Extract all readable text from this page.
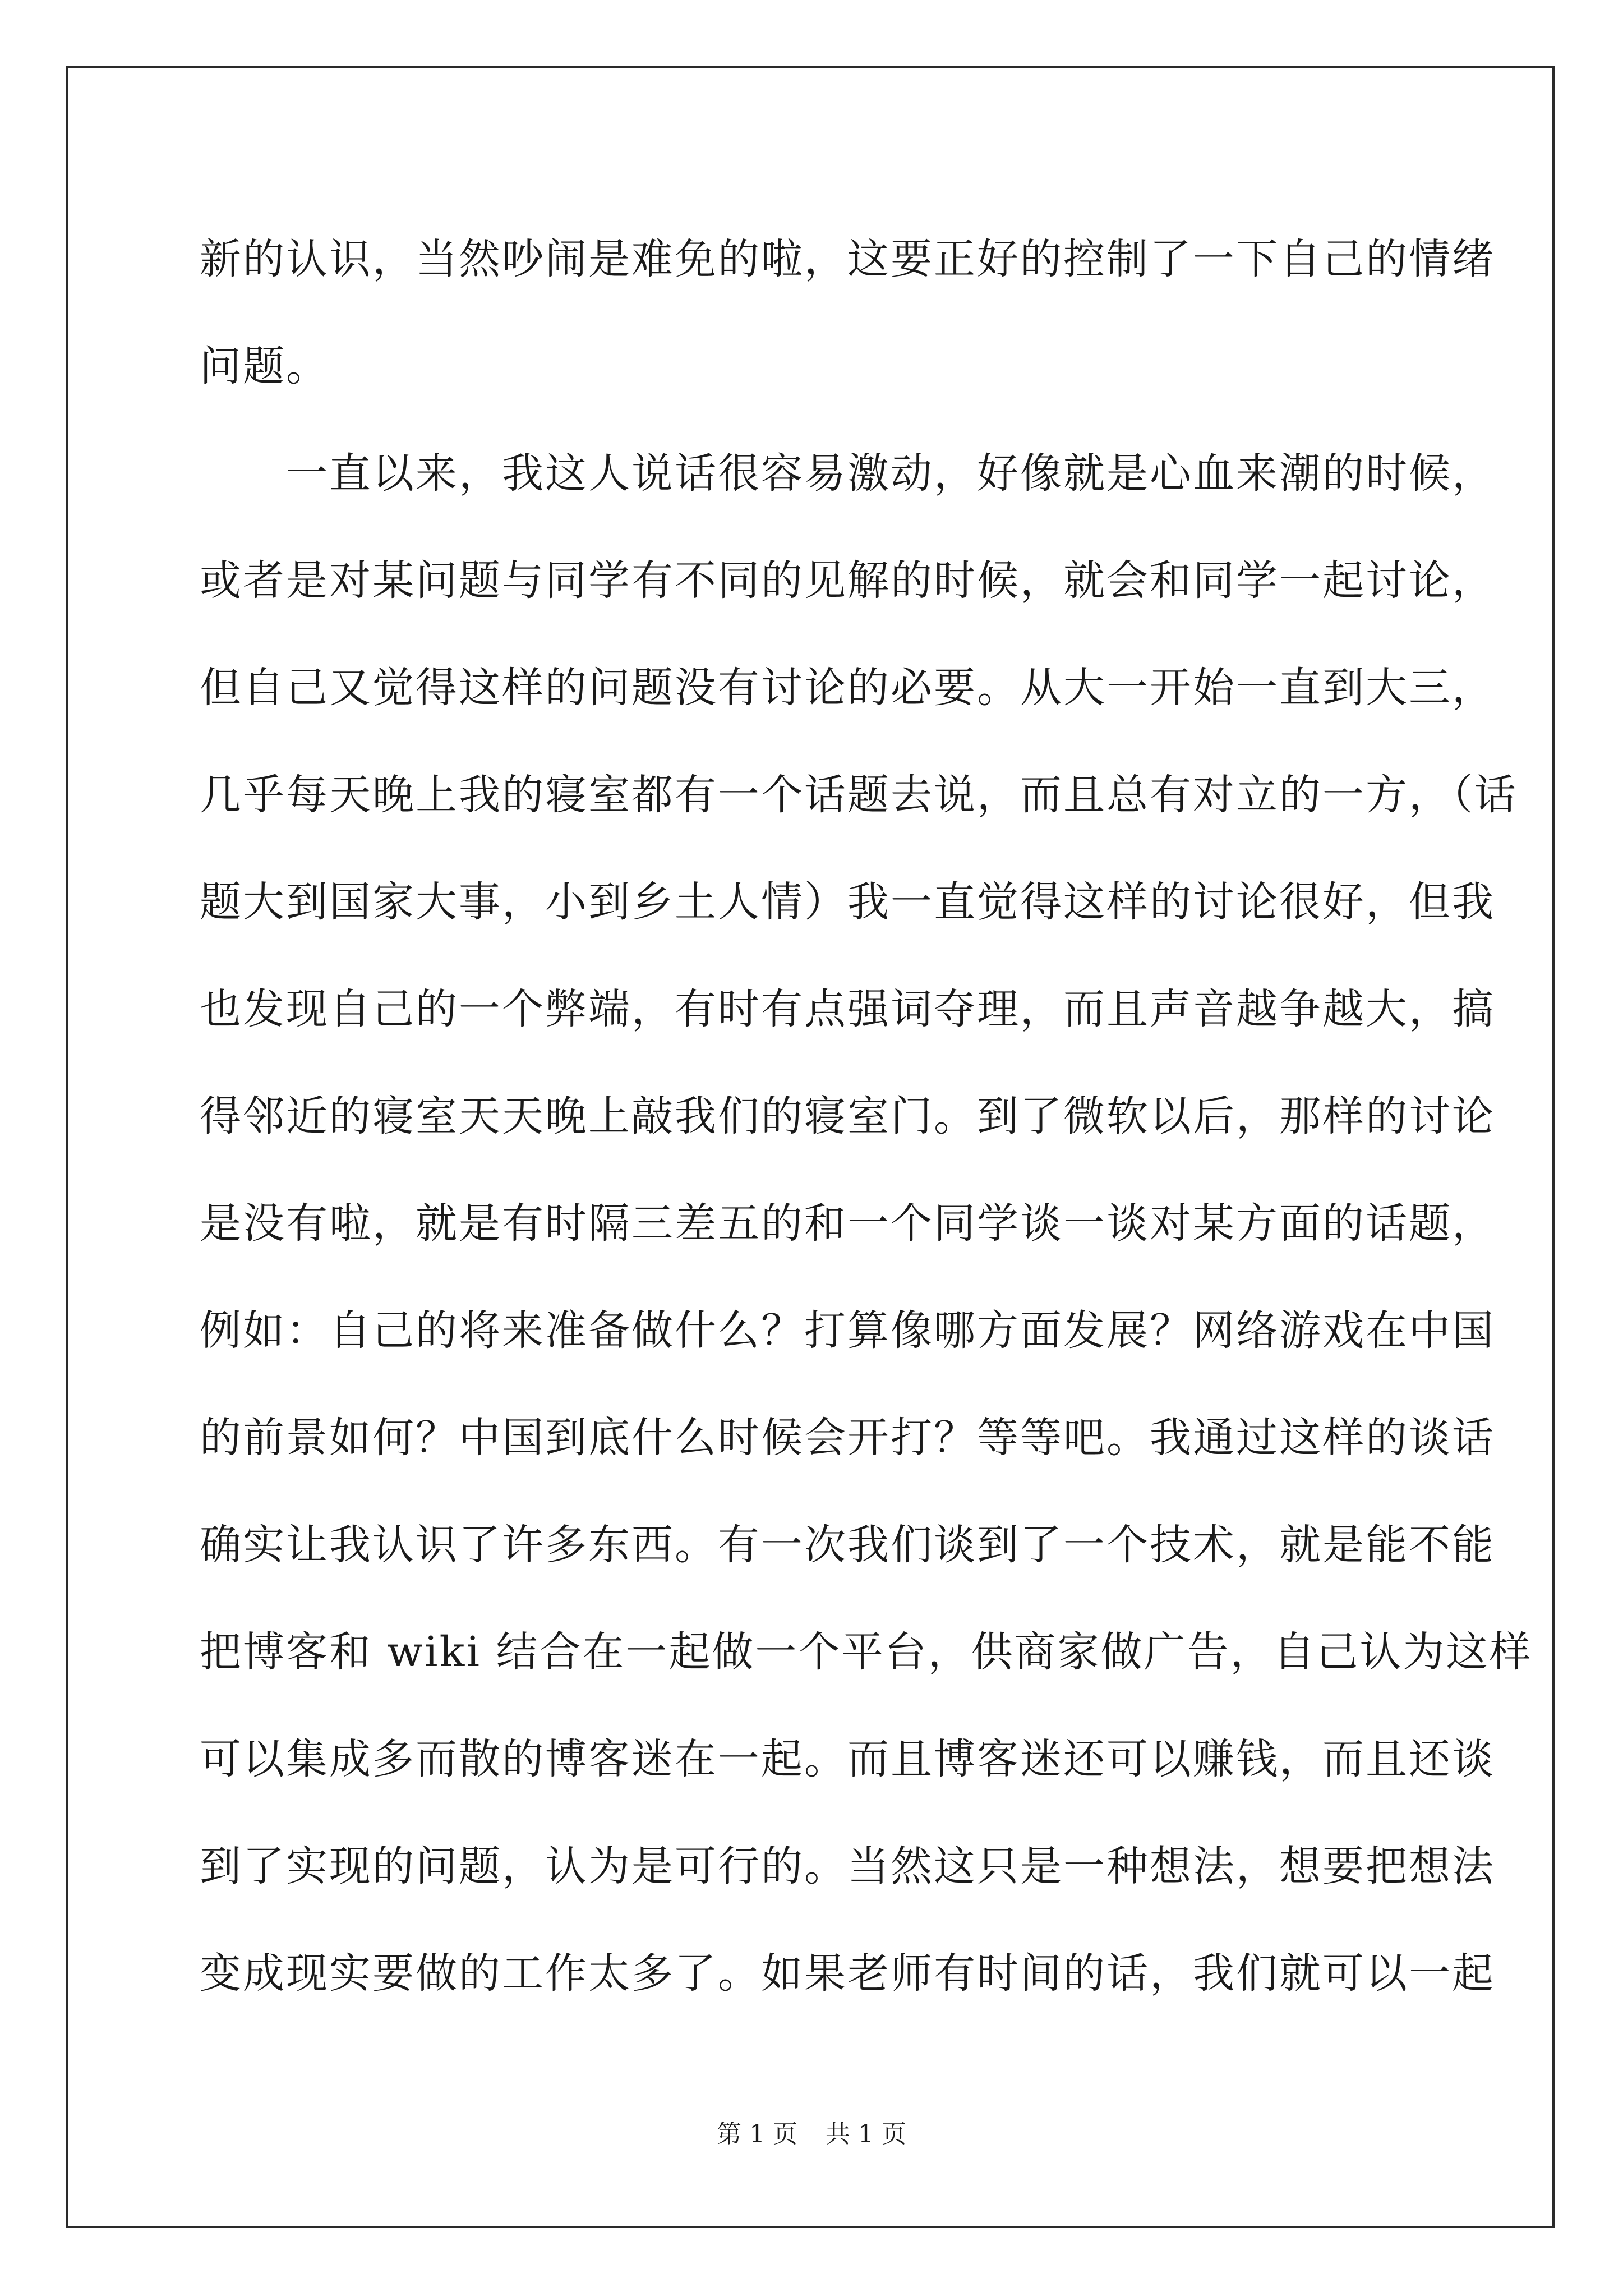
新的认识，当然吵闹是难免的啦，这要正好的控制了一下自己的情绪
问题。
　　一直以来，我这人说话很容易激动，好像就是心血来潮的时候，
或者是对某问题与同学有不同的见解的时候，就会和同学一起讨论，
但自己又觉得这样的问题没有讨论的必要。从大一开始一直到大三，
几乎每天晚上我的寝室都有一个话题去说，而且总有对立的一方，（话
题大到国家大事，小到乡土人情）我一直觉得这样的讨论很好，但我
也发现自己的一个弊端，有时有点强词夺理，而且声音越争越大，搞
得邻近的寝室天天晚上敲我们的寝室门。到了微软以后，那样的讨论
是没有啦，就是有时隔三差五的和一个同学谈一谈对某方面的话题，
例如：自己的将来准备做什么？打算像哪方面发展？网络游戏在中国
的前景如何？中国到底什么时候会开打？等等吧。我通过这样的谈话
确实让我认识了许多东西。有一次我们谈到了一个技术，就是能不能
把博客和 wiki 结合在一起做一个平台，供商家做广告，自己认为这样
可以集成多而散的博客迷在一起。而且博客迷还可以赚钱，而且还谈
到了实现的问题，认为是可行的。当然这只是一种想法，想要把想法
变成现实要做的工作太多了。如果老师有时间的话，我们就可以一起
第 1 页 共 1 页
